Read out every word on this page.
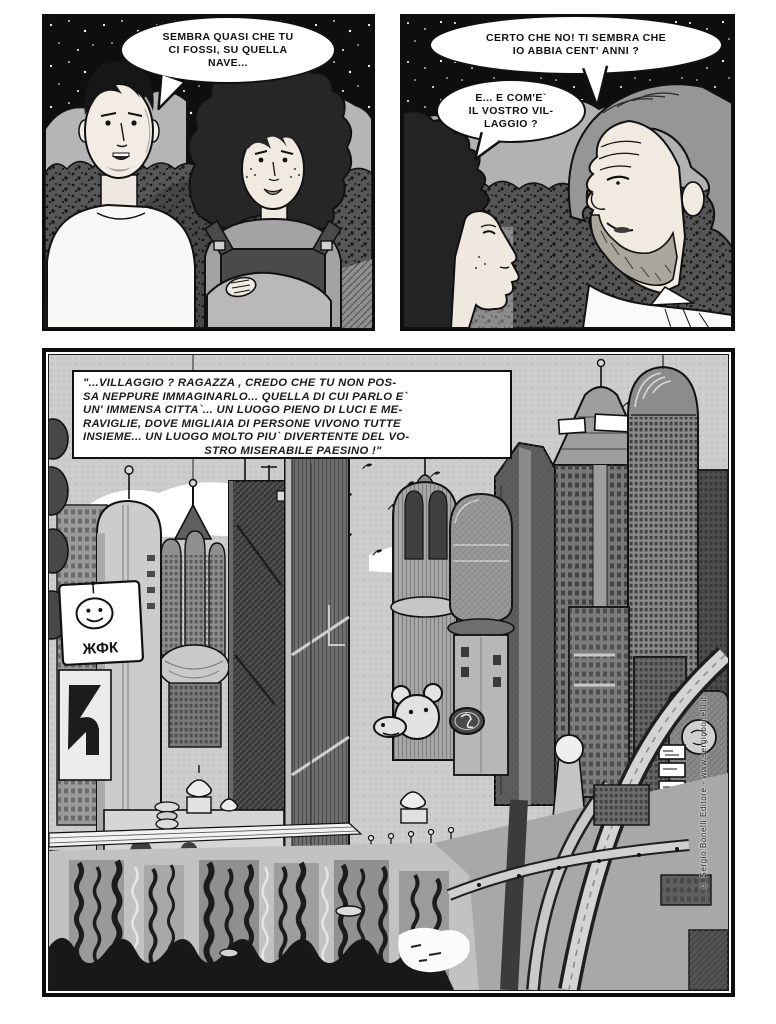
SEMBRA QUASI CHE TU
CI FOSSI, SU QUELLA
NAVE...
CERTO CHE NO! TI SEMBRA CHE
IO ABBIA CENT' ANNI ?
E... E COM'E`
IL VOSTRO VIL-
LAGGIO ?
ЖФК
"...VILLAGGIO ? RAGAZZA , CREDO CHE TU NON POS-
SA NEPPURE IMMAGINARLO... QUELLA DI CUI PARLO E`
UN' IMMENSA CITTA`... UN LUOGO PIENO DI LUCI E ME-
RAVIGLIE, DOVE MIGLIAIA DI PERSONE VIVONO TUTTE
INSIEME... UN LUOGO MOLTO PIU` DIVERTENTE DEL VO-
STRO MISERABILE PAESINO !"
© Sergio Bonelli Editore - www.sergiobonelli.it
